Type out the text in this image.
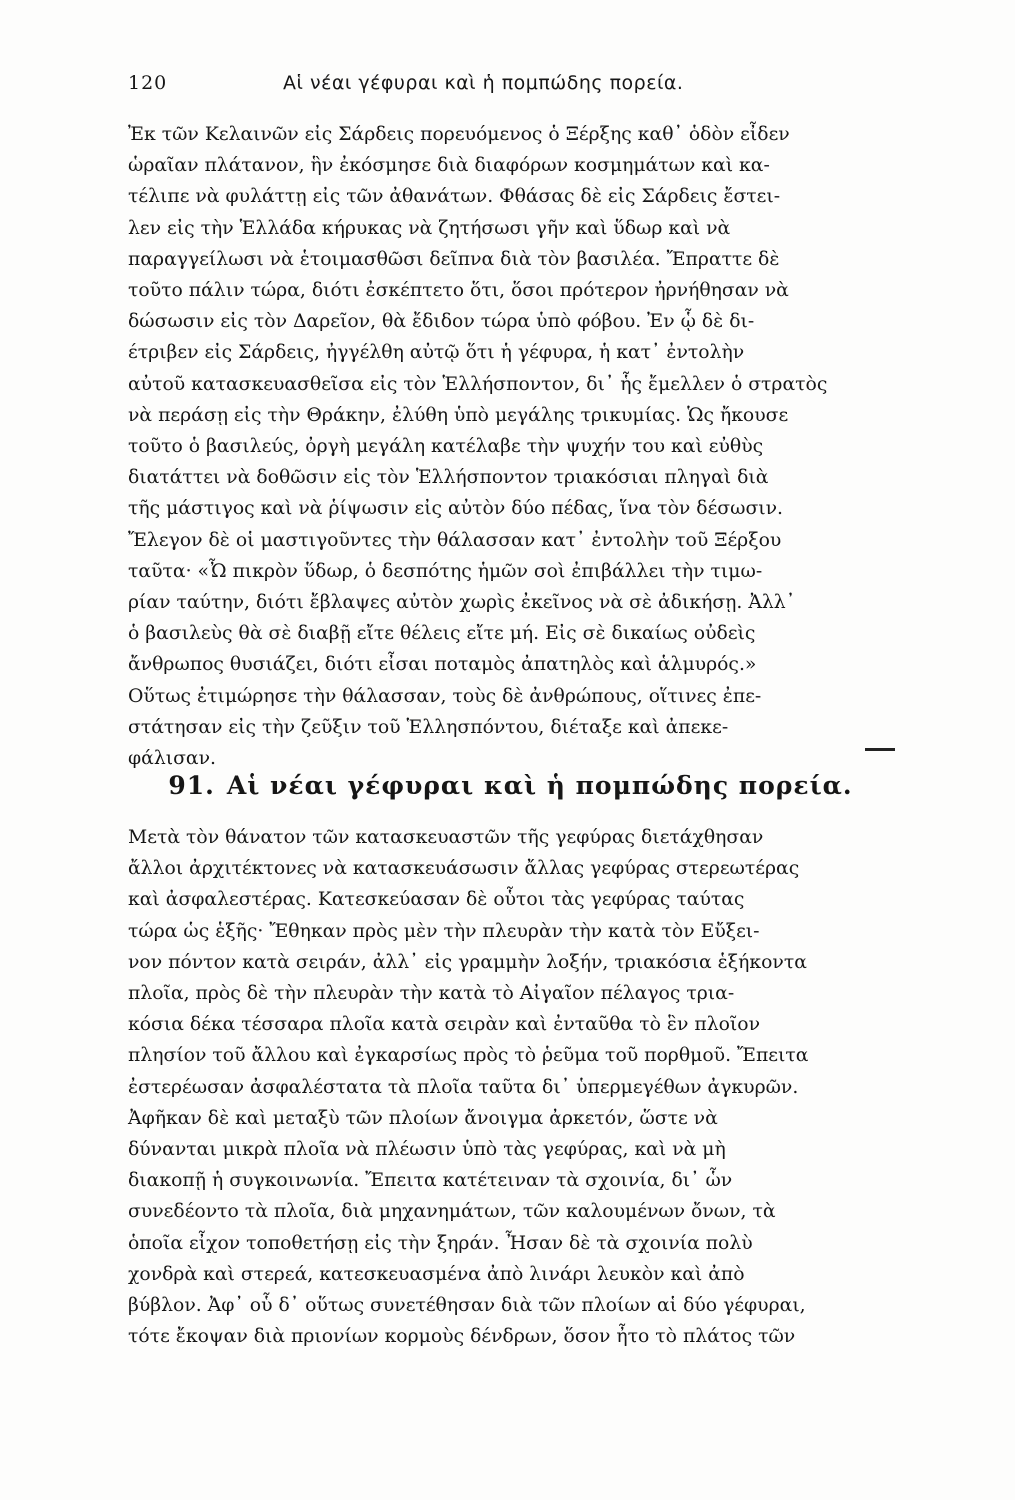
120	Αἱ νέαι γέφυραι καὶ ἡ πομπώδης πορεία.
Ἐκ τῶν Κελαινῶν εἰς Σάρδεις πορευόμενος ὁ Ξέρξης καθ᾽ ὁδὸν εἶδεν
ὡραῖαν πλάτανον, ἣν ἐκόσμησε διὰ διαφόρων κοσμημάτων καὶ κα-
τέλιπε νὰ φυλάττῃ εἰς τῶν ἀθανάτων. Φθάσας δὲ εἰς Σάρδεις ἔστει-
λεν εἰς τὴν Ἑλλάδα κήρυκας νὰ ζητήσωσι γῆν καὶ ὕδωρ καὶ νὰ
παραγγείλωσι νὰ ἑτοιμασθῶσι δεῖπνα διὰ τὸν βασιλέα. Ἔπραττε δὲ
τοῦτο πάλιν τώρα, διότι ἐσκέπτετο ὅτι, ὅσοι πρότερον ἠρνήθησαν νὰ
δώσωσιν εἰς τὸν Δαρεῖον, θὰ ἔδιδον τώρα ὑπὸ φόβου. Ἐν ᾧ δὲ δι-
έτριβεν εἰς Σάρδεις, ἠγγέλθη αὐτῷ ὅτι ἡ γέφυρα, ἡ κατ᾽ ἐντολὴν
αὐτοῦ κατασκευασθεῖσα εἰς τὸν Ἑλλήσποντον, δι᾽ ἧς ἔμελλεν ὁ στρατὸς
νὰ περάσῃ εἰς τὴν Θράκην, ἐλύθη ὑπὸ μεγάλης τρικυμίας. Ὡς ἤκουσε
τοῦτο ὁ βασιλεύς, ὀργὴ μεγάλη κατέλαβε τὴν ψυχήν του καὶ εὐθὺς
διατάττει νὰ δοθῶσιν εἰς τὸν Ἑλλήσποντον τριακόσιαι πληγαὶ διὰ
τῆς μάστιγος καὶ νὰ ῥίψωσιν εἰς αὐτὸν δύο πέδας, ἵνα τὸν δέσωσιν.
Ἔλεγον δὲ οἱ μαστιγοῦντες τὴν θάλασσαν κατ᾽ ἐντολὴν τοῦ Ξέρξου
ταῦτα· «Ὦ πικρὸν ὕδωρ, ὁ δεσπότης ἡμῶν σοὶ ἐπιβάλλει τὴν τιμω-
ρίαν ταύτην, διότι ἔβλαψες αὐτὸν χωρὶς ἐκεῖνος νὰ σὲ ἀδικήσῃ. Ἀλλ᾽
ὁ βασιλεὺς θὰ σὲ διαβῇ εἴτε θέλεις εἴτε μή. Εἰς σὲ δικαίως οὐδεὶς
ἄνθρωπος θυσιάζει, διότι εἶσαι ποταμὸς ἀπατηλὸς καὶ ἁλμυρός.»
Οὕτως ἐτιμώρησε τὴν θάλασσαν, τοὺς δὲ ἀνθρώπους, οἵτινες ἐπε-
στάτησαν εἰς τὴν ζεῦξιν τοῦ Ἑλλησπόντου, διέταξε καὶ ἀπεκε-
φάλισαν.
91. Αἱ νέαι γέφυραι καὶ ἡ πομπώδης πορεία.
Μετὰ τὸν θάνατον τῶν κατασκευαστῶν τῆς γεφύρας διετάχθησαν
ἄλλοι ἀρχιτέκτονες νὰ κατασκευάσωσιν ἄλλας γεφύρας στερεωτέρας
καὶ ἀσφαλεστέρας. Κατεσκεύασαν δὲ οὗτοι τὰς γεφύρας ταύτας
τώρα ὡς ἑξῆς· Ἔθηκαν πρὸς μὲν τὴν πλευρὰν τὴν κατὰ τὸν Εὔξει-
νον πόντον κατὰ σειράν, ἀλλ᾽ εἰς γραμμὴν λοξήν, τριακόσια ἑξήκοντα
πλοῖα, πρὸς δὲ τὴν πλευρὰν τὴν κατὰ τὸ Αἰγαῖον πέλαγος τρια-
κόσια δέκα τέσσαρα πλοῖα κατὰ σειρὰν καὶ ἐνταῦθα τὸ ἓν πλοῖον
πλησίον τοῦ ἄλλου καὶ ἐγκαρσίως πρὸς τὸ ῥεῦμα τοῦ πορθμοῦ. Ἔπειτα
ἐστερέωσαν ἀσφαλέστατα τὰ πλοῖα ταῦτα δι᾽ ὑπερμεγέθων ἀγκυρῶν.
Ἀφῆκαν δὲ καὶ μεταξὺ τῶν πλοίων ἄνοιγμα ἀρκετόν, ὥστε νὰ
δύνανται μικρὰ πλοῖα νὰ πλέωσιν ὑπὸ τὰς γεφύρας, καὶ νὰ μὴ
διακοπῇ ἡ συγκοινωνία. Ἔπειτα κατέτειναν τὰ σχοινία, δι᾽ ὧν
συνεδέοντο τὰ πλοῖα, διὰ μηχανημάτων, τῶν καλουμένων ὄνων, τὰ
ὁποῖα εἶχον τοποθετήσῃ εἰς τὴν ξηράν. Ἦσαν δὲ τὰ σχοινία πολὺ
χονδρὰ καὶ στερεά, κατεσκευασμένα ἀπὸ λινάρι λευκὸν καὶ ἀπὸ
βύβλον. Ἀφ᾽ οὗ δ᾽ οὕτως συνετέθησαν διὰ τῶν πλοίων αἱ δύο γέφυραι,
τότε ἔκοψαν διὰ πριονίων κορμοὺς δένδρων, ὅσον ἦτο τὸ πλάτος τῶν
